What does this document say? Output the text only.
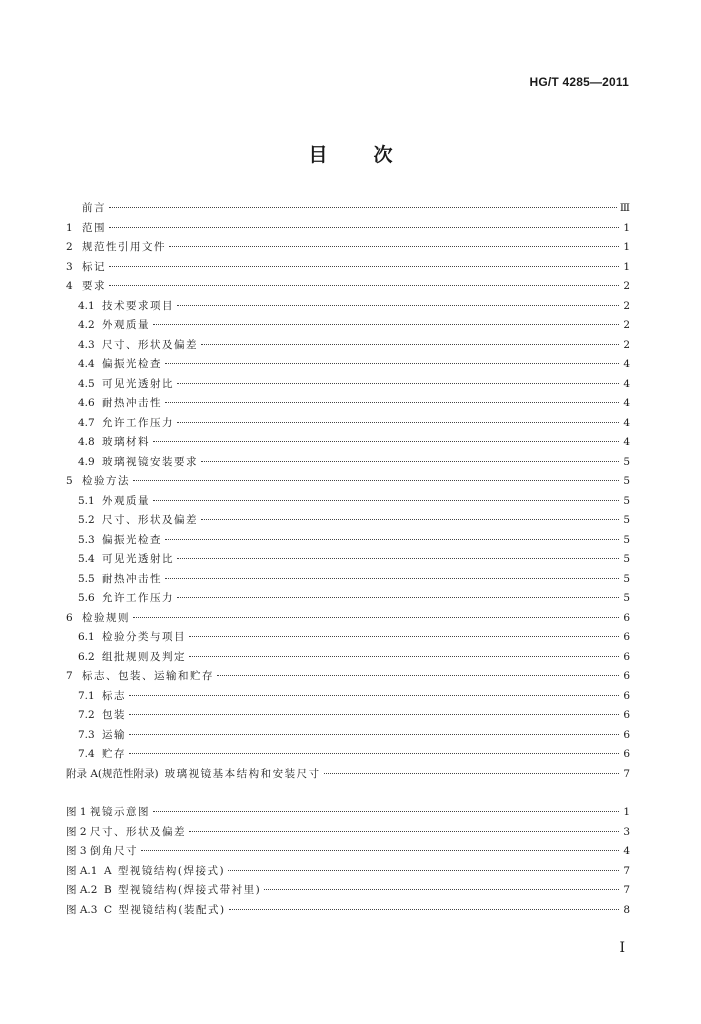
HG/T 4285—2011
目 次
前言	Ⅲ
1 范围	1
2 规范性引用文件	1
3 标记	1
4 要求	2
4.1 技术要求项目	2
4.2 外观质量	2
4.3 尺寸、形状及偏差	2
4.4 偏振光检查	4
4.5 可见光透射比	4
4.6 耐热冲击性	4
4.7 允许工作压力	4
4.8 玻璃材料	4
4.9 玻璃视镜安装要求	5
5 检验方法	5
5.1 外观质量	5
5.2 尺寸、形状及偏差	5
5.3 偏振光检查	5
5.4 可见光透射比	5
5.5 耐热冲击性	5
5.6 允许工作压力	5
6 检验规则	6
6.1 检验分类与项目	6
6.2 组批规则及判定	6
7 标志、包装、运输和贮存	6
7.1 标志	6
7.2 包装	6
7.3 运输	6
7.4 贮存	6
附录 A(规范性附录) 玻璃视镜基本结构和安装尺寸	7
图 1 视镜示意图	1
图 2 尺寸、形状及偏差	3
图 3 倒角尺寸	4
图 A.1 A 型视镜结构(焊接式)	7
图 A.2 B 型视镜结构(焊接式带衬里)	7
图 A.3 C 型视镜结构(装配式)	8
Ⅰ
